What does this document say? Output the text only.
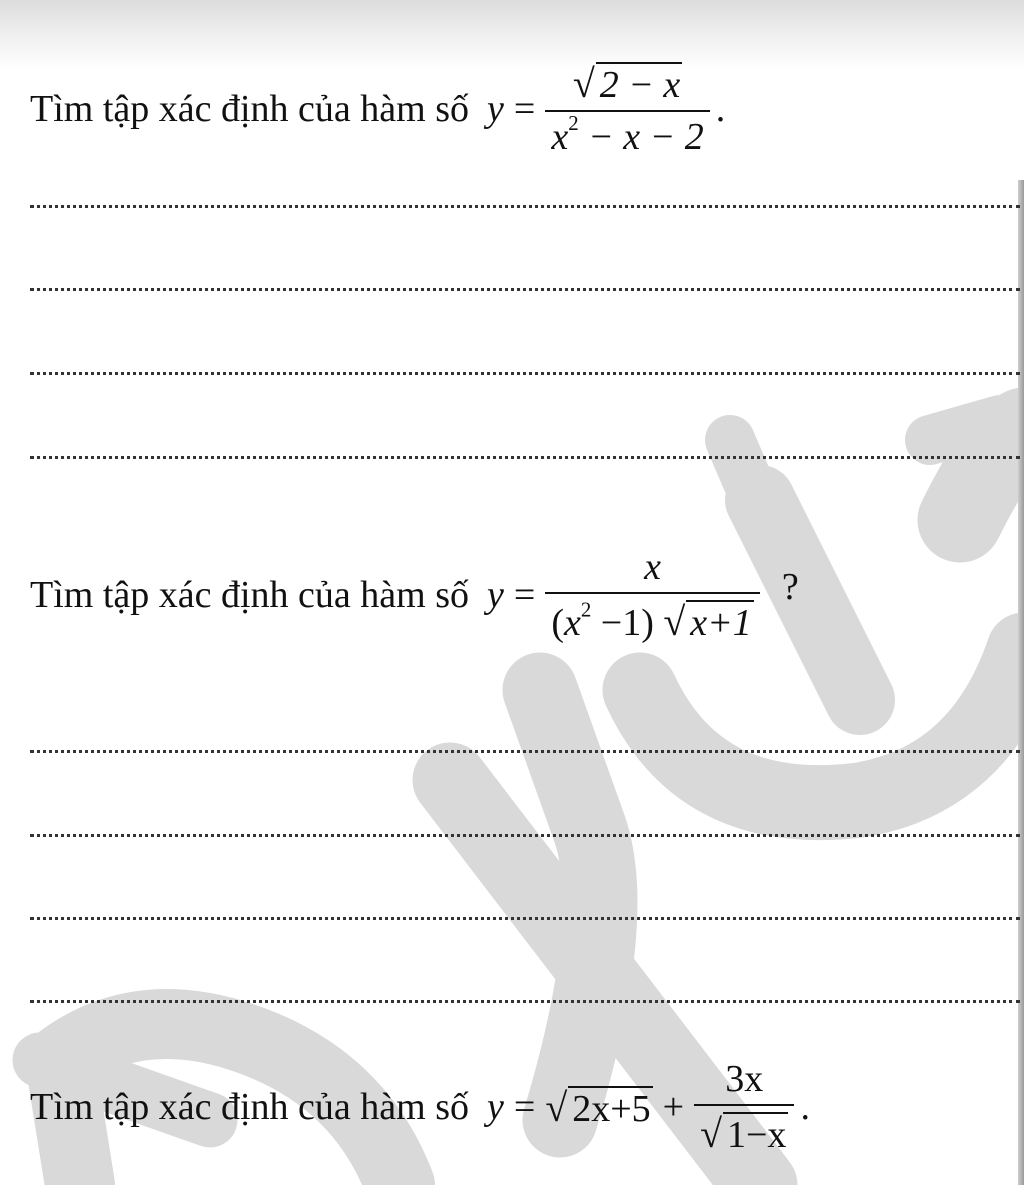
Tìm tập xác định của hàm số $y = \frac{√ 2 - x}{x^2 - x - 2}$ .
Tìm tập xác định của hàm số $y = \frac{x}{(x^2 -1) √ x+1}$ ?
Tìm tập xác định của hàm số y = √ $2x+5 + \frac{3x}{√ 1-x}$ .
